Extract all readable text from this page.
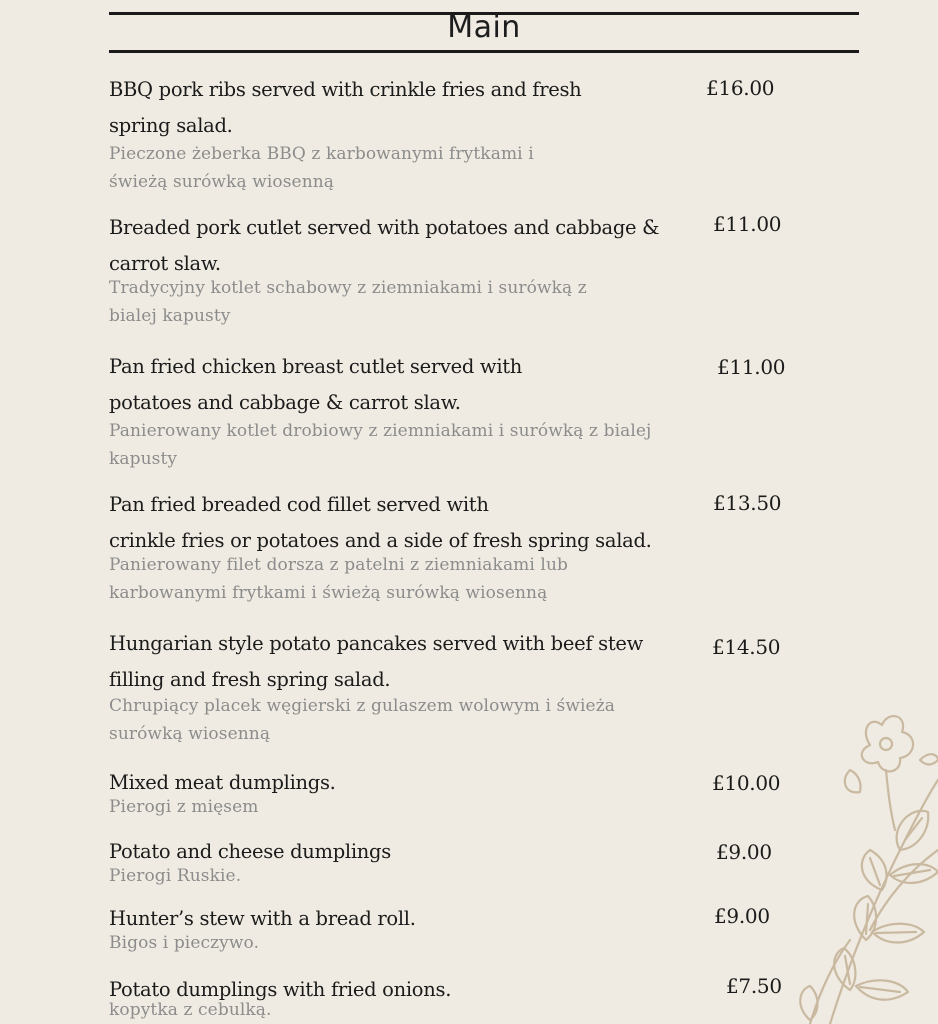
Main
BBQ pork ribs served with crinkle fries and fresh
spring salad.
Pieczone żeberka BBQ z karbowanymi frytkami i
świeżą surówką wiosenną
£16.00
Breaded pork cutlet served with potatoes and cabbage &
carrot slaw.
Tradycyjny kotlet schabowy z ziemniakami i surówką z
bialej kapusty
£11.00
Pan fried chicken breast cutlet served with
potatoes and cabbage & carrot slaw.
Panierowany kotlet drobiowy z ziemniakami i surówką z bialej
kapusty
£11.00
Pan fried breaded cod fillet served with
crinkle fries or potatoes and a side of fresh spring salad.
Panierowany filet dorsza z patelni z ziemniakami lub
karbowanymi frytkami i świeżą surówką wiosenną
£13.50
Hungarian style potato pancakes served with beef stew
filling and fresh spring salad.
Chrupiący placek węgierski z gulaszem wolowym i świeża
surówką wiosenną
£14.50
Mixed meat dumplings.
Pierogi z mięsem
£10.00
Potato and cheese dumplings
Pierogi Ruskie.
£9.00
Hunter’s stew with a bread roll.
Bigos i pieczywo.
£9.00
Potato dumplings with fried onions.
kopytka z cebulką.
£7.50
